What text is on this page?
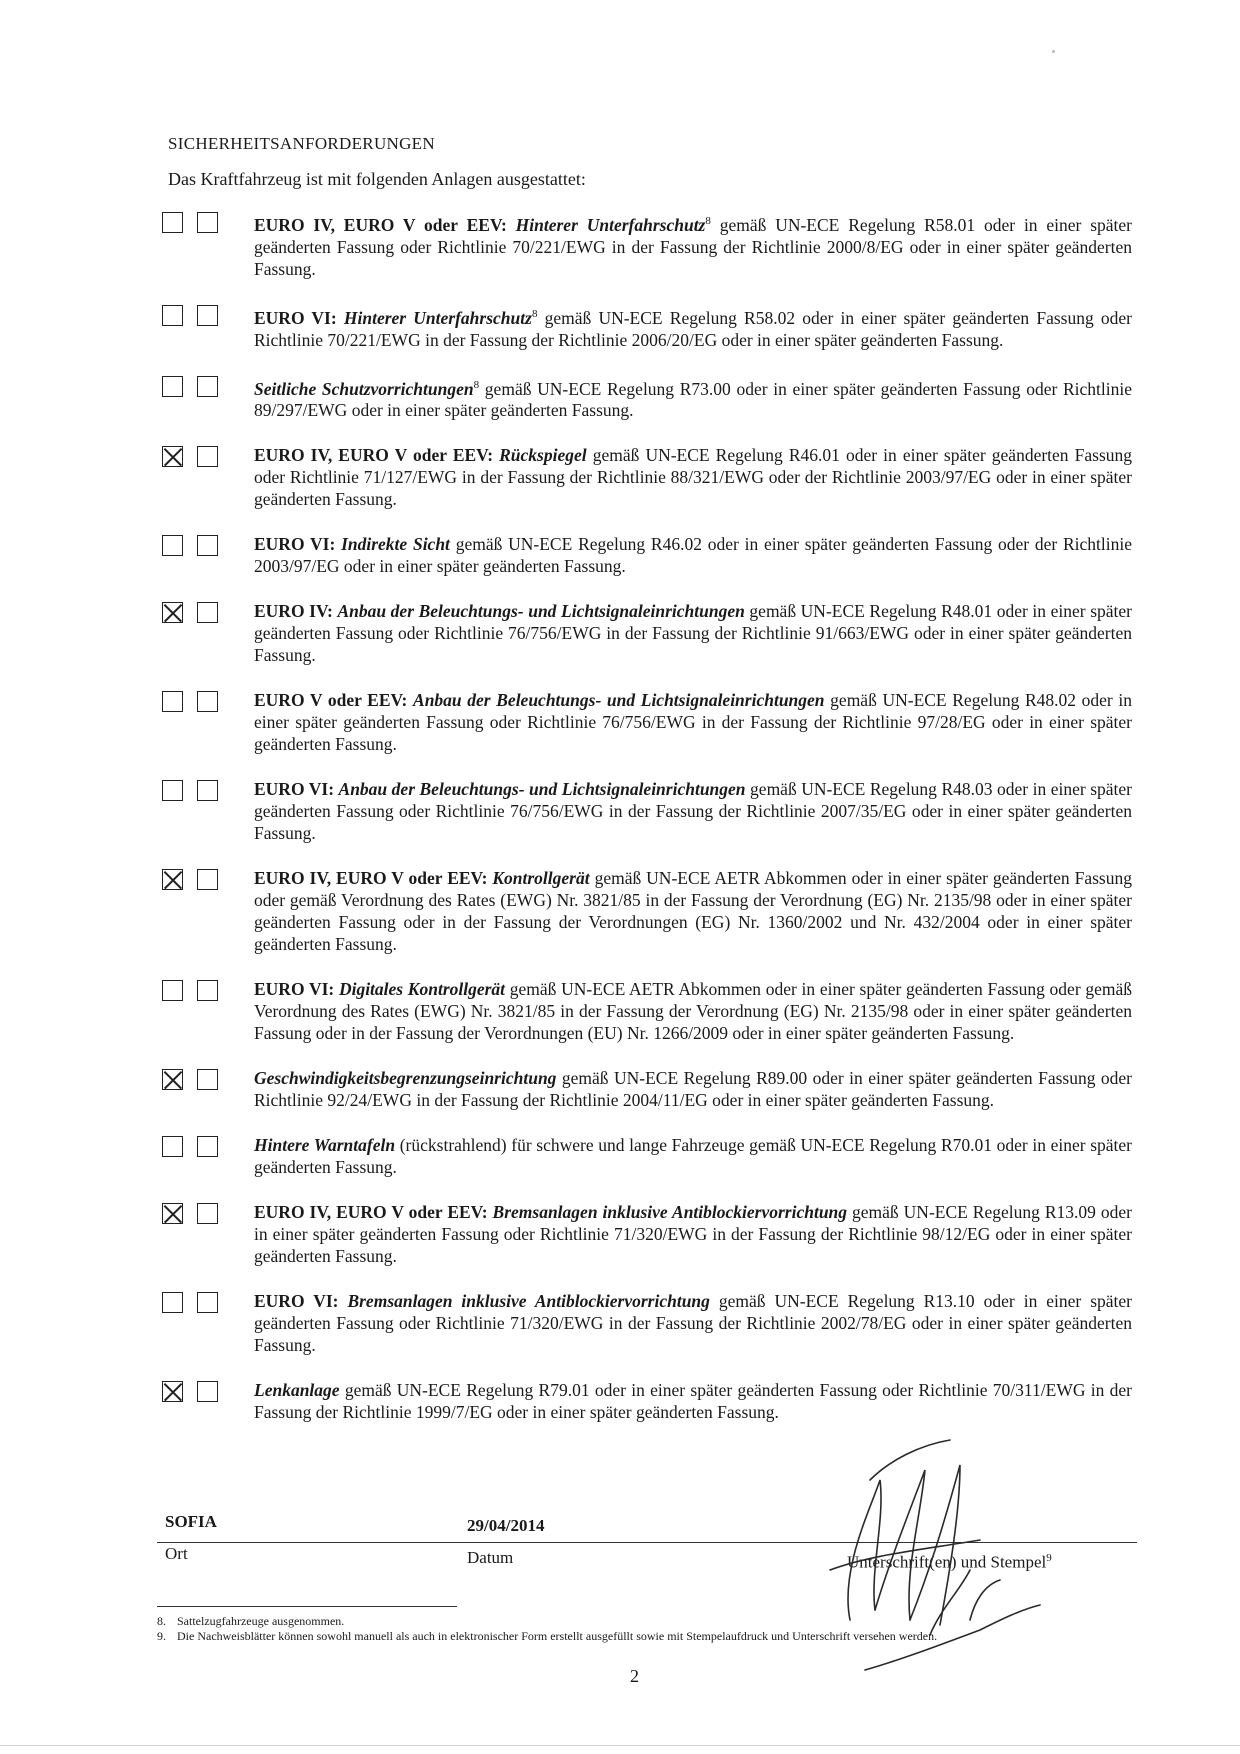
SICHERHEITSANFORDERUNGEN
Das Kraftfahrzeug ist mit folgenden Anlagen ausgestattet:
EURO IV, EURO V oder EEV: Hinterer Unterfahrschutz$^8$ gemäß UN-ECE Regelung R58.01 oder in einer später geänderten Fassung oder Richtlinie 70/221/EWG in der Fassung der Richtlinie 2000/8/EG oder in einer später geänderten Fassung.
EURO VI: Hinterer Unterfahrschutz$^8$ gemäß UN-ECE Regelung R58.02 oder in einer später geänderten Fassung oder Richtlinie 70/221/EWG in der Fassung der Richtlinie 2006/20/EG oder in einer später geänderten Fassung.
Seitliche Schutzvorrichtungen$^8$ gemäß UN-ECE Regelung R73.00 oder in einer später geänderten Fassung oder Richtlinie 89/297/EWG oder in einer später geänderten Fassung.
EURO IV, EURO V oder EEV: Rückspiegel gemäß UN-ECE Regelung R46.01 oder in einer später geänderten Fassung oder Richtlinie 71/127/EWG in der Fassung der Richtlinie 88/321/EWG oder der Richtlinie 2003/97/EG oder in einer später geänderten Fassung.
EURO VI: Indirekte Sicht gemäß UN-ECE Regelung R46.02 oder in einer später geänderten Fassung oder der Richtlinie 2003/97/EG oder in einer später geänderten Fassung.
EURO IV: Anbau der Beleuchtungs- und Lichtsignaleinrichtungen gemäß UN-ECE Regelung R48.01 oder in einer später geänderten Fassung oder Richtlinie 76/756/EWG in der Fassung der Richtlinie 91/663/EWG oder in einer später geänderten Fassung.
EURO V oder EEV: Anbau der Beleuchtungs- und Lichtsignaleinrichtungen gemäß UN-ECE Regelung R48.02 oder in einer später geänderten Fassung oder Richtlinie 76/756/EWG in der Fassung der Richtlinie 97/28/EG oder in einer später geänderten Fassung.
EURO VI: Anbau der Beleuchtungs- und Lichtsignaleinrichtungen gemäß UN-ECE Regelung R48.03 oder in einer später geänderten Fassung oder Richtlinie 76/756/EWG in der Fassung der Richtlinie 2007/35/EG oder in einer später geänderten Fassung.
EURO IV, EURO V oder EEV: Kontrollgerät gemäß UN-ECE AETR Abkommen oder in einer später geänderten Fassung oder gemäß Verordnung des Rates (EWG) Nr. 3821/85 in der Fassung der Verordnung (EG) Nr. 2135/98 oder in einer später geänderten Fassung oder in der Fassung der Verordnungen (EG) Nr. 1360/2002 und Nr. 432/2004 oder in einer später geänderten Fassung.
EURO VI: Digitales Kontrollgerät gemäß UN-ECE AETR Abkommen oder in einer später geänderten Fassung oder gemäß Verordnung des Rates (EWG) Nr. 3821/85 in der Fassung der Verordnung (EG) Nr. 2135/98 oder in einer später geänderten Fassung oder in der Fassung der Verordnungen (EU) Nr. 1266/2009 oder in einer später geänderten Fassung.
Geschwindigkeitsbegrenzungseinrichtung gemäß UN-ECE Regelung R89.00 oder in einer später geänderten Fassung oder Richtlinie 92/24/EWG in der Fassung der Richtlinie 2004/11/EG oder in einer später geänderten Fassung.
Hintere Warntafeln (rückstrahlend) für schwere und lange Fahrzeuge gemäß UN-ECE Regelung R70.01 oder in einer später geänderten Fassung.
EURO IV, EURO V oder EEV: Bremsanlagen inklusive Antiblockiervorrichtung gemäß UN-ECE Regelung R13.09 oder in einer später geänderten Fassung oder Richtlinie 71/320/EWG in der Fassung der Richtlinie 98/12/EG oder in einer später geänderten Fassung.
EURO VI: Bremsanlagen inklusive Antiblockiervorrichtung gemäß UN-ECE Regelung R13.10 oder in einer später geänderten Fassung oder Richtlinie 71/320/EWG in der Fassung der Richtlinie 2002/78/EG oder in einer später geänderten Fassung.
Lenkanlage gemäß UN-ECE Regelung R79.01 oder in einer später geänderten Fassung oder Richtlinie 70/311/EWG in der Fassung der Richtlinie 1999/7/EG oder in einer später geänderten Fassung.
SOFIA	29/04/2014
Ort	Datum	Unterschrift(en) und Stempel$^9$
8. Sattelzugfahrzeuge ausgenommen.
9. Die Nachweisblätter können sowohl manuell als auch in elektronischer Form erstellt ausgefüllt sowie mit Stempelaufdruck und Unterschrift versehen werden.
2
